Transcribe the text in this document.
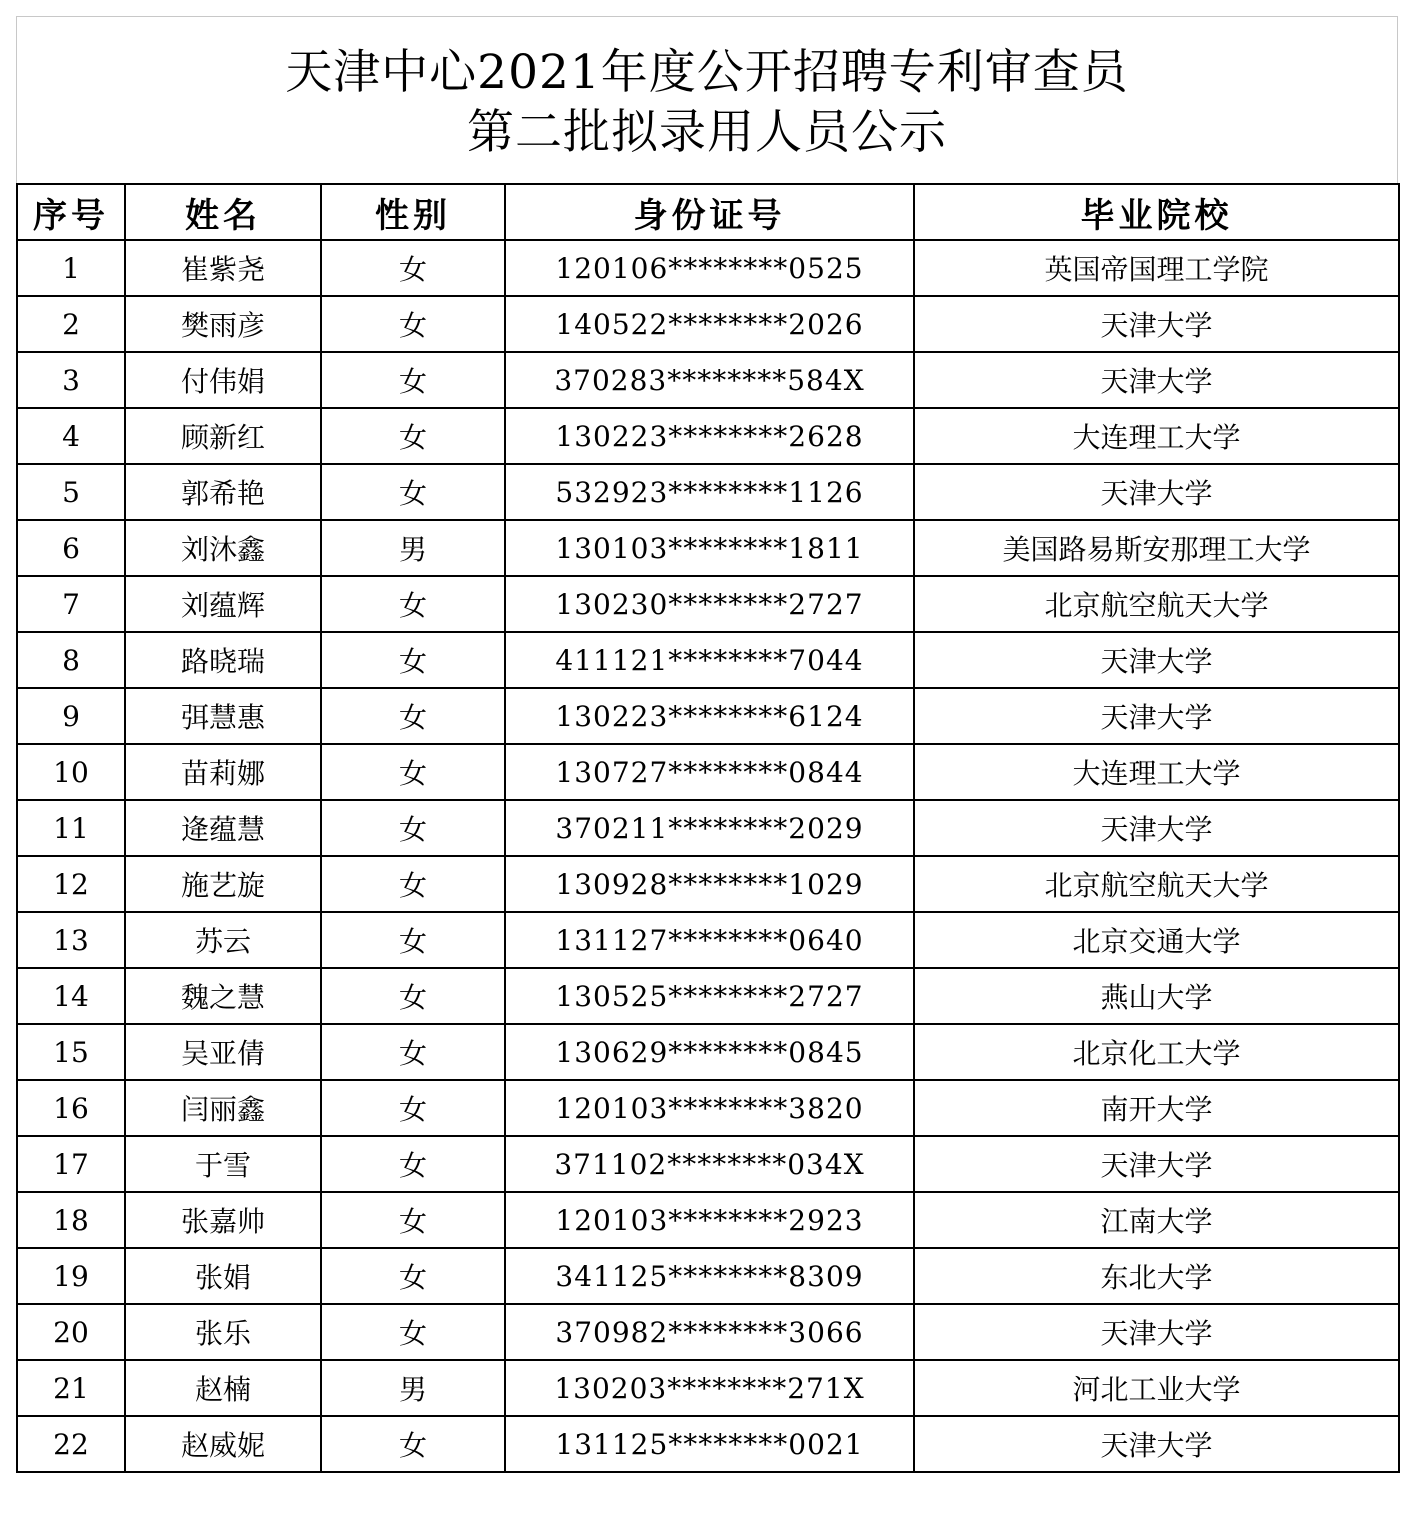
天津中心2021年度公开招聘专利审查员
第二批拟录用人员公示
序号	姓名	性别	身份证号	毕业院校
1	崔紫尧	女	120106********0525	英国帝国理工学院
2	樊雨彦	女	140522********2026	天津大学
3	付伟娟	女	370283********584X	天津大学
4	顾新红	女	130223********2628	大连理工大学
5	郭希艳	女	532923********1126	天津大学
6	刘沐鑫	男	130103********1811	美国路易斯安那理工大学
7	刘蕴辉	女	130230********2727	北京航空航天大学
8	路晓瑞	女	411121********7044	天津大学
9	弭慧惠	女	130223********6124	天津大学
10	苗莉娜	女	130727********0844	大连理工大学
11	逄蕴慧	女	370211********2029	天津大学
12	施艺旋	女	130928********1029	北京航空航天大学
13	苏云	女	131127********0640	北京交通大学
14	魏之慧	女	130525********2727	燕山大学
15	吴亚倩	女	130629********0845	北京化工大学
16	闫丽鑫	女	120103********3820	南开大学
17	于雪	女	371102********034X	天津大学
18	张嘉帅	女	120103********2923	江南大学
19	张娟	女	341125********8309	东北大学
20	张乐	女	370982********3066	天津大学
21	赵楠	男	130203********271X	河北工业大学
22	赵威妮	女	131125********0021	天津大学
